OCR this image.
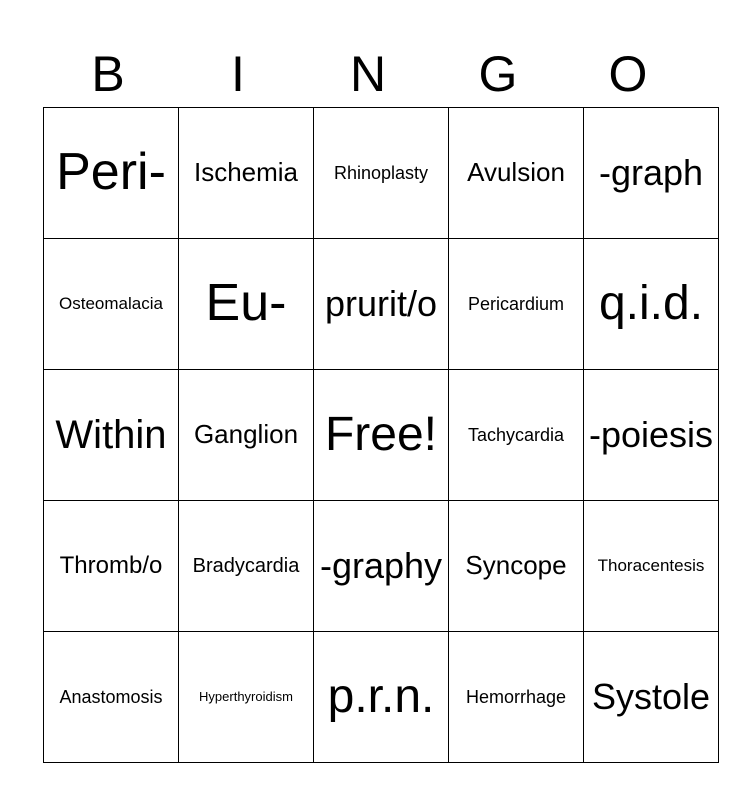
B	I	N	G	O
Peri-	Ischemia	Rhinoplasty	Avulsion	-graph
Osteomalacia	Eu-	prurit/o	Pericardium	q.i.d.
Within	Ganglion	Free!	Tachycardia	-poiesis
Thromb/o	Bradycardia	-graphy	Syncope	Thoracentesis
Anastomosis	Hyperthyroidism	p.r.n.	Hemorrhage	Systole
